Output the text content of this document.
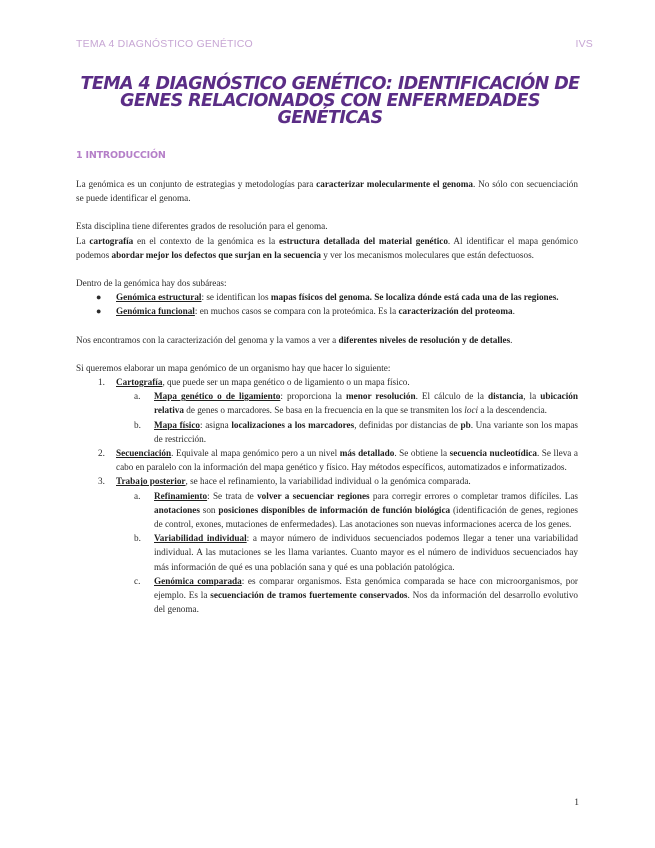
TEMA 4 DIAGNÓSTICO GENÉTICO	IVS
TEMA 4 DIAGNÓSTICO GENÉTICO: IDENTIFICACIÓN DE GENES RELACIONADOS CON ENFERMEDADES GENÉTICAS
1 INTRODUCCIÓN

La genómica es un conjunto de estrategias y metodologías para caracterizar molecularmente el genoma. No sólo con secuenciación se puede identificar el genoma.

Esta disciplina tiene diferentes grados de resolución para el genoma.

La cartografía en el contexto de la genómica es la estructura detallada del material genético. Al identificar el mapa genómico podemos abordar mejor los defectos que surjan en la secuencia y ver los mecanismos moleculares que están defectuosos.

Dentro de la genómica hay dos subáreas:

● Genómica estructural: se identifican los mapas físicos del genoma. Se localiza dónde está cada una de las regiones.
● Genómica funcional: en muchos casos se compara con la proteómica. Es la caracterización del proteoma.

Nos encontramos con la caracterización del genoma y la vamos a ver a diferentes niveles de resolución y de detalles.

Si queremos elaborar un mapa genómico de un organismo hay que hacer lo siguiente:

1. Cartografía, que puede ser un mapa genético o de ligamiento o un mapa físico.
a. Mapa genético o de ligamiento: proporciona la menor resolución. El cálculo de la distancia, la ubicación relativa de genes o marcadores. Se basa en la frecuencia en la que se transmiten los loci a la descendencia.
b. Mapa físico: asigna localizaciones a los marcadores, definidas por distancias de pb. Una variante son los mapas de restricción.
2. Secuenciación. Equivale al mapa genómico pero a un nivel más detallado. Se obtiene la secuencia nucleotídica. Se lleva a cabo en paralelo con la información del mapa genético y físico. Hay métodos específicos, automatizados e informatizados.
3. Trabajo posterior, se hace el refinamiento, la variabilidad individual o la genómica comparada.
a. Refinamiento: Se trata de volver a secuenciar regiones para corregir errores o completar tramos difíciles. Las anotaciones son posiciones disponibles de información de función biológica (identificación de genes, regiones de control, exones, mutaciones de enfermedades). Las anotaciones son nuevas informaciones acerca de los genes.
b. Variabilidad individual: a mayor número de individuos secuenciados podemos llegar a tener una variabilidad individual. A las mutaciones se les llama variantes. Cuanto mayor es el número de individuos secuenciados hay más información de qué es una población sana y qué es una población patológica.
c. Genómica comparada: es comparar organismos. Esta genómica comparada se hace con microorganismos, por ejemplo. Es la secuenciación de tramos fuertemente conservados. Nos da información del desarrollo evolutivo del genoma.
1
